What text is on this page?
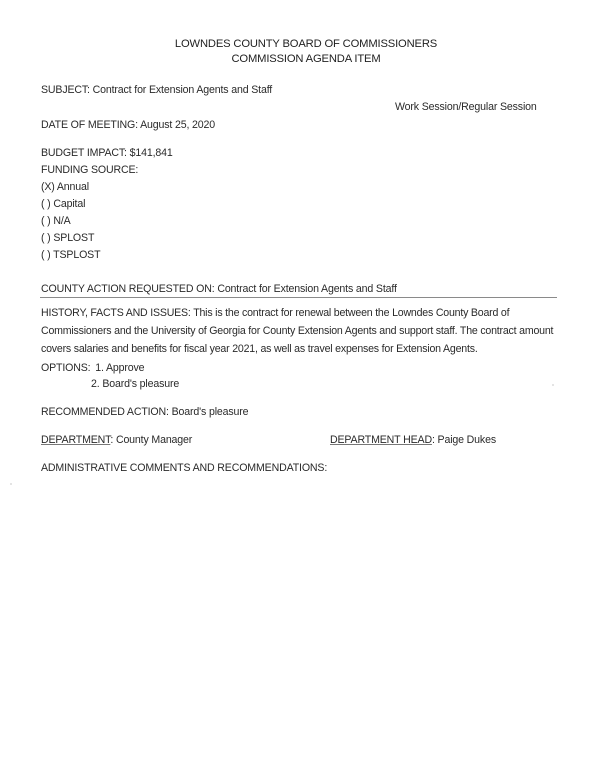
LOWNDES COUNTY BOARD OF COMMISSIONERS
COMMISSION AGENDA ITEM
SUBJECT: Contract for Extension Agents and Staff
Work Session/Regular Session
DATE OF MEETING: August 25, 2020
BUDGET IMPACT: $141,841
FUNDING SOURCE:
(X) Annual
( ) Capital
( ) N/A
( ) SPLOST
( ) TSPLOST
COUNTY ACTION REQUESTED ON: Contract for Extension Agents and Staff
HISTORY, FACTS AND ISSUES: This is the contract for renewal between the Lowndes County Board of Commissioners and the University of Georgia for County Extension Agents and support staff. The contract amount covers salaries and benefits for fiscal year 2021, as well as travel expenses for Extension Agents.
OPTIONS: 1. Approve
2. Board's pleasure
RECOMMENDED ACTION: Board's pleasure
DEPARTMENT: County Manager	DEPARTMENT HEAD: Paige Dukes
ADMINISTRATIVE COMMENTS AND RECOMMENDATIONS:
